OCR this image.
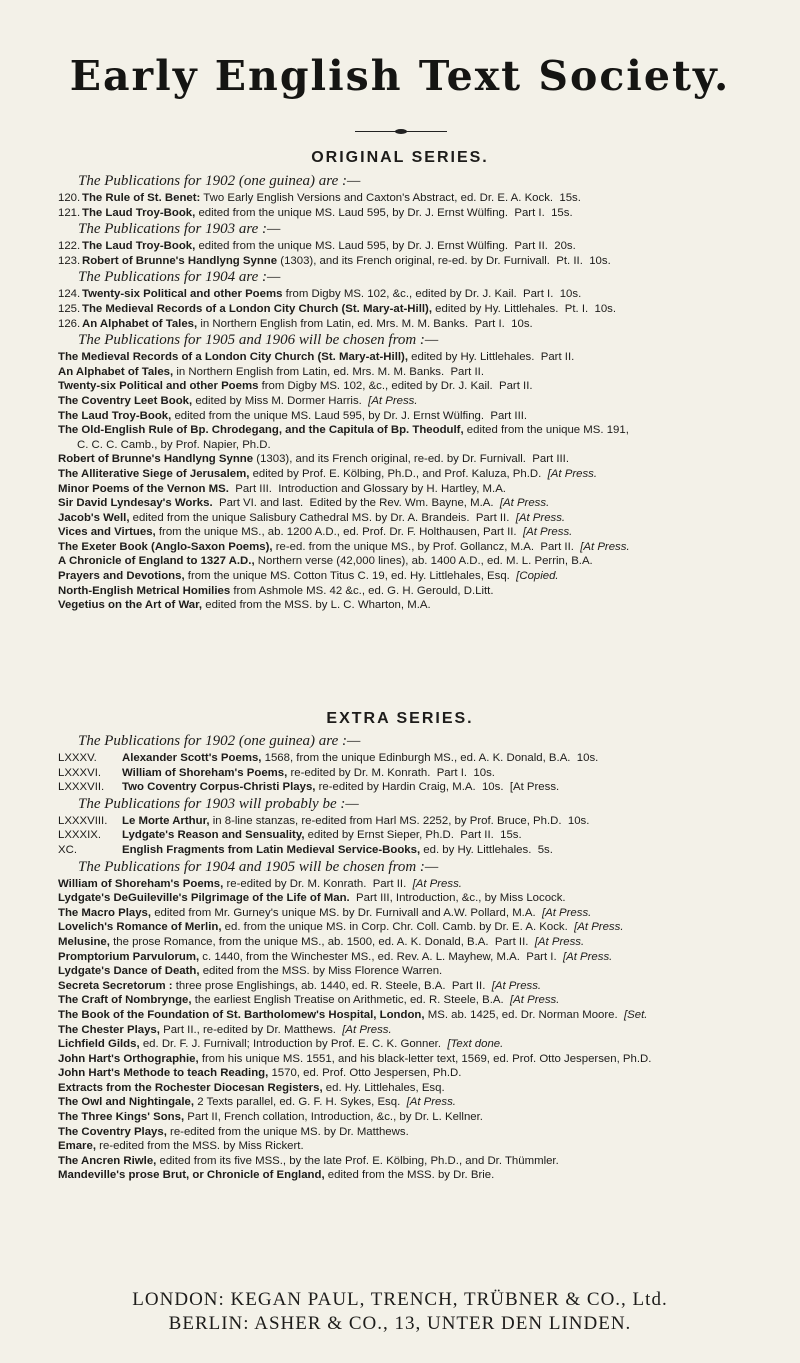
Early English Text Society.
ORIGINAL SERIES.
The Publications for 1902 (one guinea) are :—
120. The Rule of St. Benet: Two Early English Versions and Caxton's Abstract, ed. Dr. E. A. Kock.  15s.
121. The Laud Troy-Book, edited from the unique MS. Laud 595, by Dr. J. Ernst Wülfing.  Part I.  15s.
The Publications for 1903 are :—
122. The Laud Troy-Book, edited from the unique MS. Laud 595, by Dr. J. Ernst Wülfing.  Part II.  20s.
123. Robert of Brunne's Handlyng Synne (1303), and its French original, re-ed. by Dr. Furnivall.  Pt. II.  10s.
The Publications for 1904 are :—
124. Twenty-six Political and other Poems from Digby MS. 102, &c., edited by Dr. J. Kail.  Part I.  10s.
125. The Medieval Records of a London City Church (St. Mary-at-Hill), edited by Hy. Littlehales.  Pt. I.  10s.
126. An Alphabet of Tales, in Northern English from Latin, ed. Mrs. M. M. Banks.  Part I.  10s.
The Publications for 1905 and 1906 will be chosen from :—
The Medieval Records of a London City Church (St. Mary-at-Hill), edited by Hy. Littlehales.  Part II.
An Alphabet of Tales, in Northern English from Latin, ed. Mrs. M. M. Banks.  Part II.
Twenty-six Political and other Poems from Digby MS. 102, &c., edited by Dr. J. Kail.  Part II.
The Coventry Leet Book, edited by Miss M. Dormer Harris.  [At Press.
The Laud Troy-Book, edited from the unique MS. Laud 595, by Dr. J. Ernst Wülfing.  Part III.
The Old-English Rule of Bp. Chrodegang, and the Capitula of Bp. Theodulf, edited from the unique MS. 191,
C. C. C. Camb., by Prof. Napier, Ph.D.
Robert of Brunne's Handlyng Synne (1303), and its French original, re-ed. by Dr. Furnivall.  Part III.
The Alliterative Siege of Jerusalem, edited by Prof. E. Kölbing, Ph.D., and Prof. Kaluza, Ph.D.  [At Press.
Minor Poems of the Vernon MS.  Part III.  Introduction and Glossary by H. Hartley, M.A.
Sir David Lyndesay's Works.  Part VI. and last.  Edited by the Rev. Wm. Bayne, M.A.  [At Press.
Jacob's Well, edited from the unique Salisbury Cathedral MS. by Dr. A. Brandeis.  Part II.  [At Press.
Vices and Virtues, from the unique MS., ab. 1200 A.D., ed. Prof. Dr. F. Holthausen, Part II.  [At Press.
The Exeter Book (Anglo-Saxon Poems), re-ed. from the unique MS., by Prof. Gollancz, M.A.  Part II.  [At Press.
A Chronicle of England to 1327 A.D., Northern verse (42,000 lines), ab. 1400 A.D., ed. M. L. Perrin, B.A.
Prayers and Devotions, from the unique MS. Cotton Titus C. 19, ed. Hy. Littlehales, Esq.  [Copied.
North-English Metrical Homilies from Ashmole MS. 42 &c., ed. G. H. Gerould, D.Litt.
Vegetius on the Art of War, edited from the MSS. by L. C. Wharton, M.A.
EXTRA SERIES.
The Publications for 1902 (one guinea) are :—
LXXXV. Alexander Scott's Poems, 1568, from the unique Edinburgh MS., ed. A. K. Donald, B.A.  10s.
LXXXVI. William of Shoreham's Poems, re-edited by Dr. M. Konrath.  Part I.  10s.
LXXXVII. Two Coventry Corpus-Christi Plays, re-edited by Hardin Craig, M.A.  10s.  [At Press.
The Publications for 1903 will probably be :—
LXXXVIII. Le Morte Arthur, in 8-line stanzas, re-edited from Harl MS. 2252, by Prof. Bruce, Ph.D.  10s.
LXXXIX. Lydgate's Reason and Sensuality, edited by Ernst Sieper, Ph.D.  Part II.  15s.
XC.	English Fragments from Latin Medieval Service-Books, ed. by Hy. Littlehales.  5s.
The Publications for 1904 and 1905 will be chosen from :—
William of Shoreham's Poems, re-edited by Dr. M. Konrath.  Part II.  [At Press.
Lydgate's DeGuileville's Pilgrimage of the Life of Man.  Part III, Introduction, &c., by Miss Locock.
The Macro Plays, edited from Mr. Gurney's unique MS. by Dr. Furnivall and A.W. Pollard, M.A.  [At Press.
Lovelich's Romance of Merlin, ed. from the unique MS. in Corp. Chr. Coll. Camb. by Dr. E. A. Kock.  [At Press.
Melusine, the prose Romance, from the unique MS., ab. 1500, ed. A. K. Donald, B.A.  Part II.  [At Press.
Promptorium Parvulorum, c. 1440, from the Winchester MS., ed. Rev. A. L. Mayhew, M.A.  Part I.  [At Press.
Lydgate's Dance of Death, edited from the MSS. by Miss Florence Warren.
Secreta Secretorum : three prose Englishings, ab. 1440, ed. R. Steele, B.A.  Part II.  [At Press.
The Craft of Nombrynge, the earliest English Treatise on Arithmetic, ed. R. Steele, B.A.  [At Press.
The Book of the Foundation of St. Bartholomew's Hospital, London, MS. ab. 1425, ed. Dr. Norman Moore.  [Set.
The Chester Plays, Part II., re-edited by Dr. Matthews.  [At Press.
Lichfield Gilds, ed. Dr. F. J. Furnivall; Introduction by Prof. E. C. K. Gonner.  [Text done.
John Hart's Orthographie, from his unique MS. 1551, and his black-letter text, 1569, ed. Prof. Otto Jespersen, Ph.D.
John Hart's Methode to teach Reading, 1570, ed. Prof. Otto Jespersen, Ph.D.
Extracts from the Rochester Diocesan Registers, ed. Hy. Littlehales, Esq.
The Owl and Nightingale, 2 Texts parallel, ed. G. F. H. Sykes, Esq.  [At Press.
The Three Kings' Sons, Part II, French collation, Introduction, &c., by Dr. L. Kellner.
The Coventry Plays, re-edited from the unique MS. by Dr. Matthews.
Emare, re-edited from the MSS. by Miss Rickert.
The Ancren Riwle, edited from its five MSS., by the late Prof. E. Kölbing, Ph.D., and Dr. Thümmler.
Mandeville's prose Brut, or Chronicle of England, edited from the MSS. by Dr. Brie.
LONDON: KEGAN PAUL, TRENCH, TRÜBNER & CO., Ltd.
BERLIN: ASHER & CO., 13, UNTER DEN LINDEN.
